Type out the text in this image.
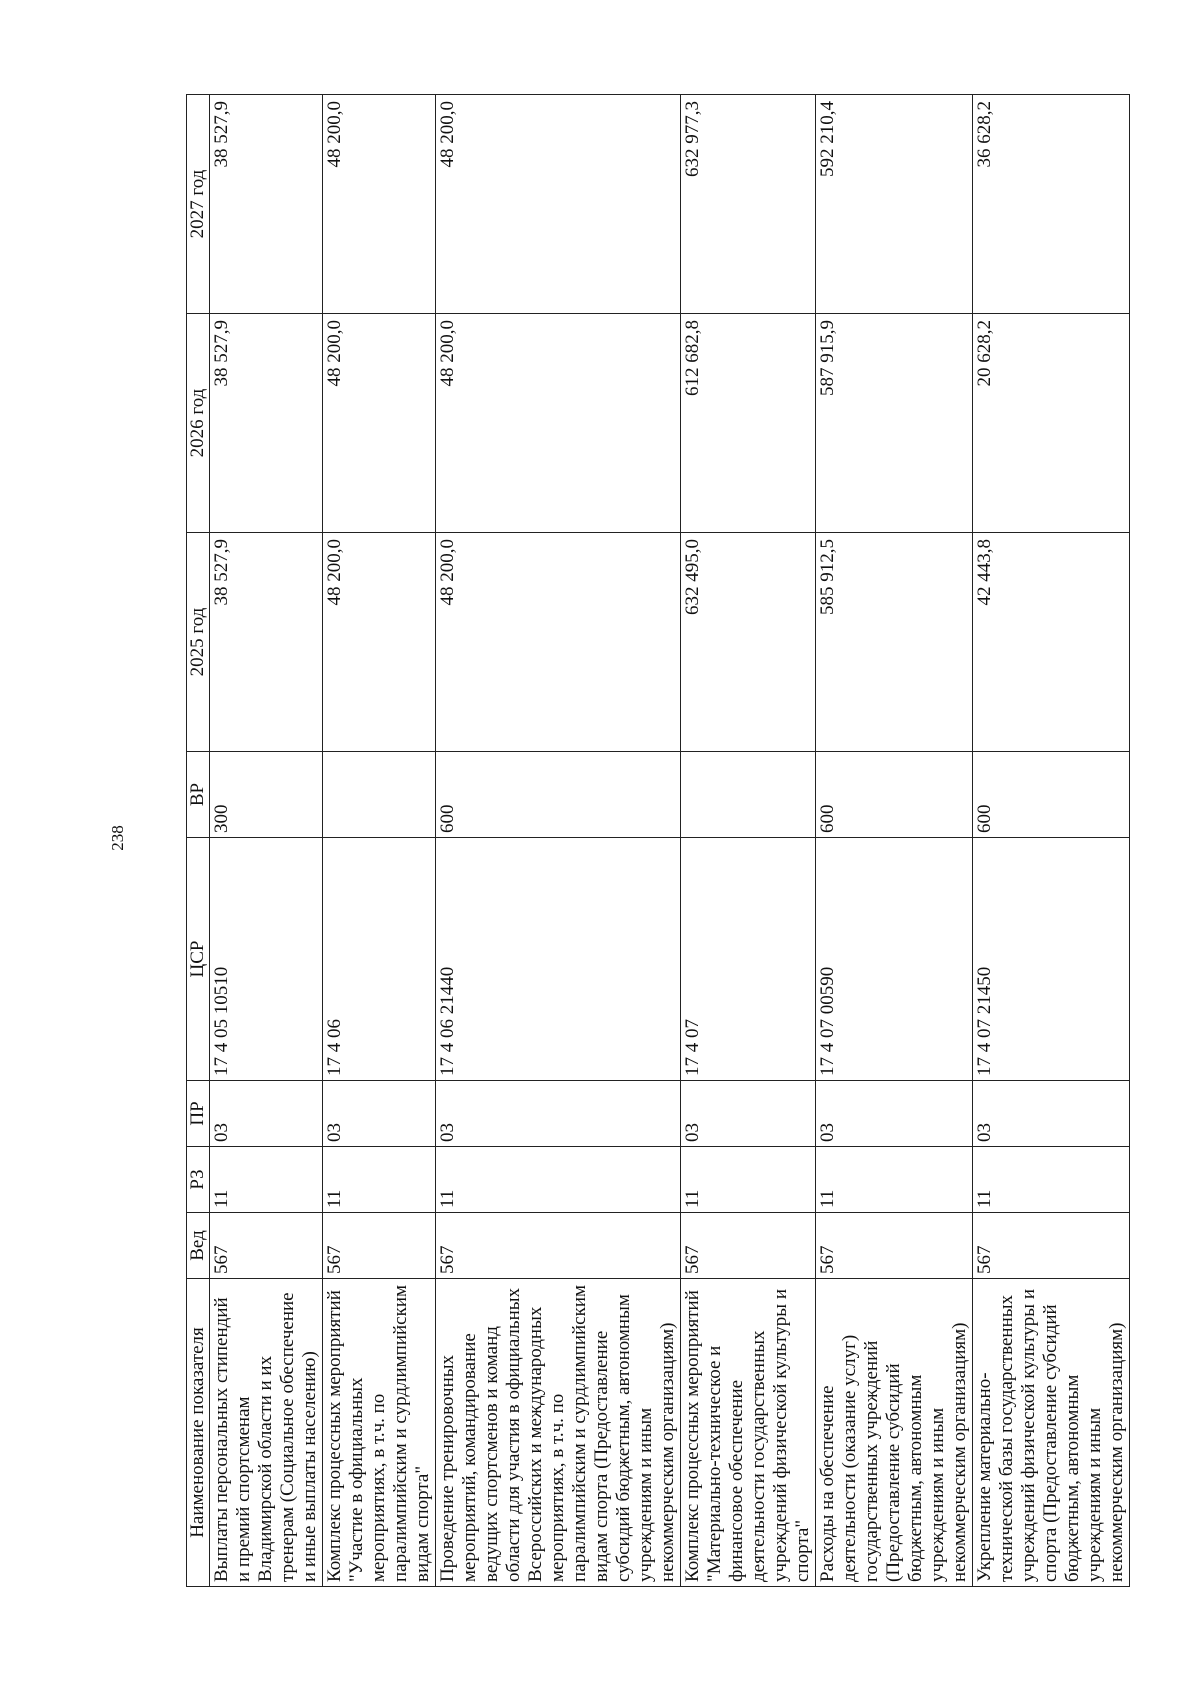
238
Наименование показателя	Вед	РЗ	ПР	ЦСР	ВР	2025 год	2026 год	2027 год
Выплаты персональных стипендий и премий спортсменам Владимирской области и их тренерам (Социальное обеспечение и иные выплаты населению)	567	11	03	17 4 05 10510	300	38 527,9	38 527,9	38 527,9
Комплекс процессных мероприятий "Участие в официальных мероприятиях, в т.ч. по паралимпийским и сурдлимпийским видам спорта"	567	11	03	17 4 06		48 200,0	48 200,0	48 200,0
Проведение тренировочных мероприятий, командирование ведущих спортсменов и команд области для участия в официальных Всероссийских и международных мероприятиях, в т.ч. по паралимпийским и сурдлимпийским видам спорта (Предоставление субсидий бюджетным, автономным учреждениям и иным некоммерческим организациям)	567	11	03	17 4 06 21440	600	48 200,0	48 200,0	48 200,0
Комплекс процессных мероприятий "Материально-техническое и финансовое обеспечение деятельности государственных учреждений физической культуры и спорта"	567	11	03	17 4 07		632 495,0	612 682,8	632 977,3
Расходы на обеспечение деятельности (оказание услуг) государственных учреждений (Предоставление субсидий бюджетным, автономным учреждениям и иным некоммерческим организациям)	567	11	03	17 4 07 00590	600	585 912,5	587 915,9	592 210,4
Укрепление материально-технической базы государственных учреждений физической культуры и спорта (Предоставление субсидий бюджетным, автономным учреждениям и иным некоммерческим организациям)	567	11	03	17 4 07 21450	600	42 443,8	20 628,2	36 628,2
